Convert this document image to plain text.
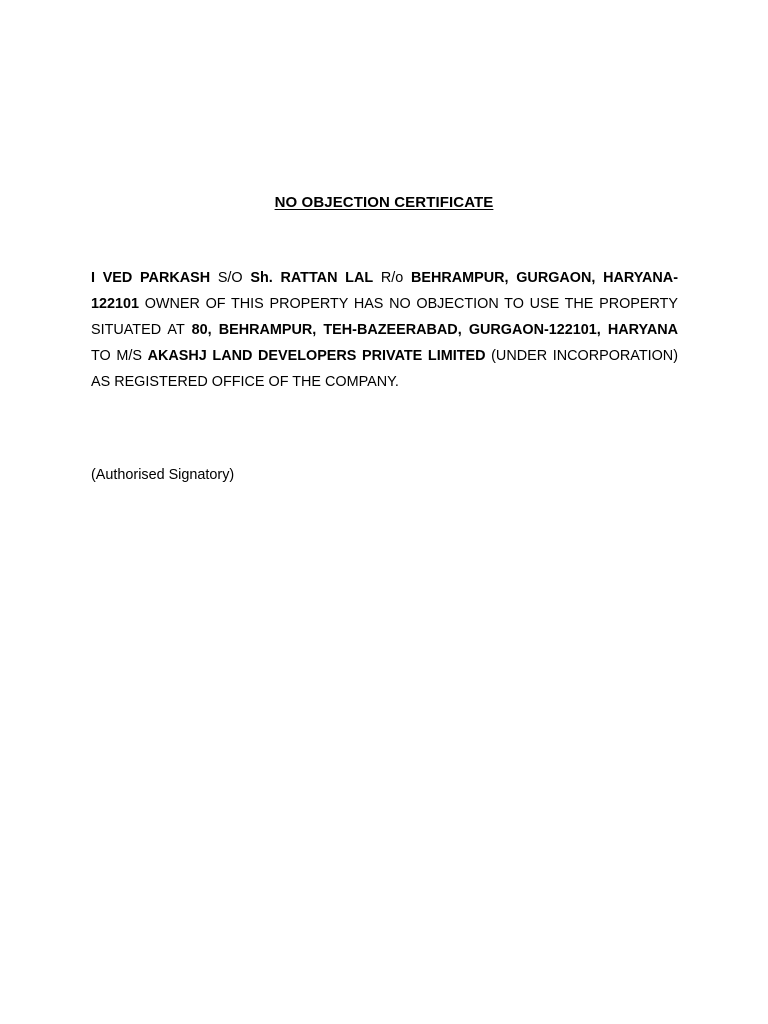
NO OBJECTION CERTIFICATE
I VED PARKASH S/O Sh. RATTAN LAL R/o BEHRAMPUR, GURGAON, HARYANA-122101 OWNER OF THIS PROPERTY HAS NO OBJECTION TO USE THE PROPERTY SITUATED AT 80, BEHRAMPUR, TEH-BAZEERABAD, GURGAON-122101, HARYANA TO M/S AKASHJ LAND DEVELOPERS PRIVATE LIMITED (UNDER INCORPORATION) AS REGISTERED OFFICE OF THE COMPANY.
(Authorised Signatory)
